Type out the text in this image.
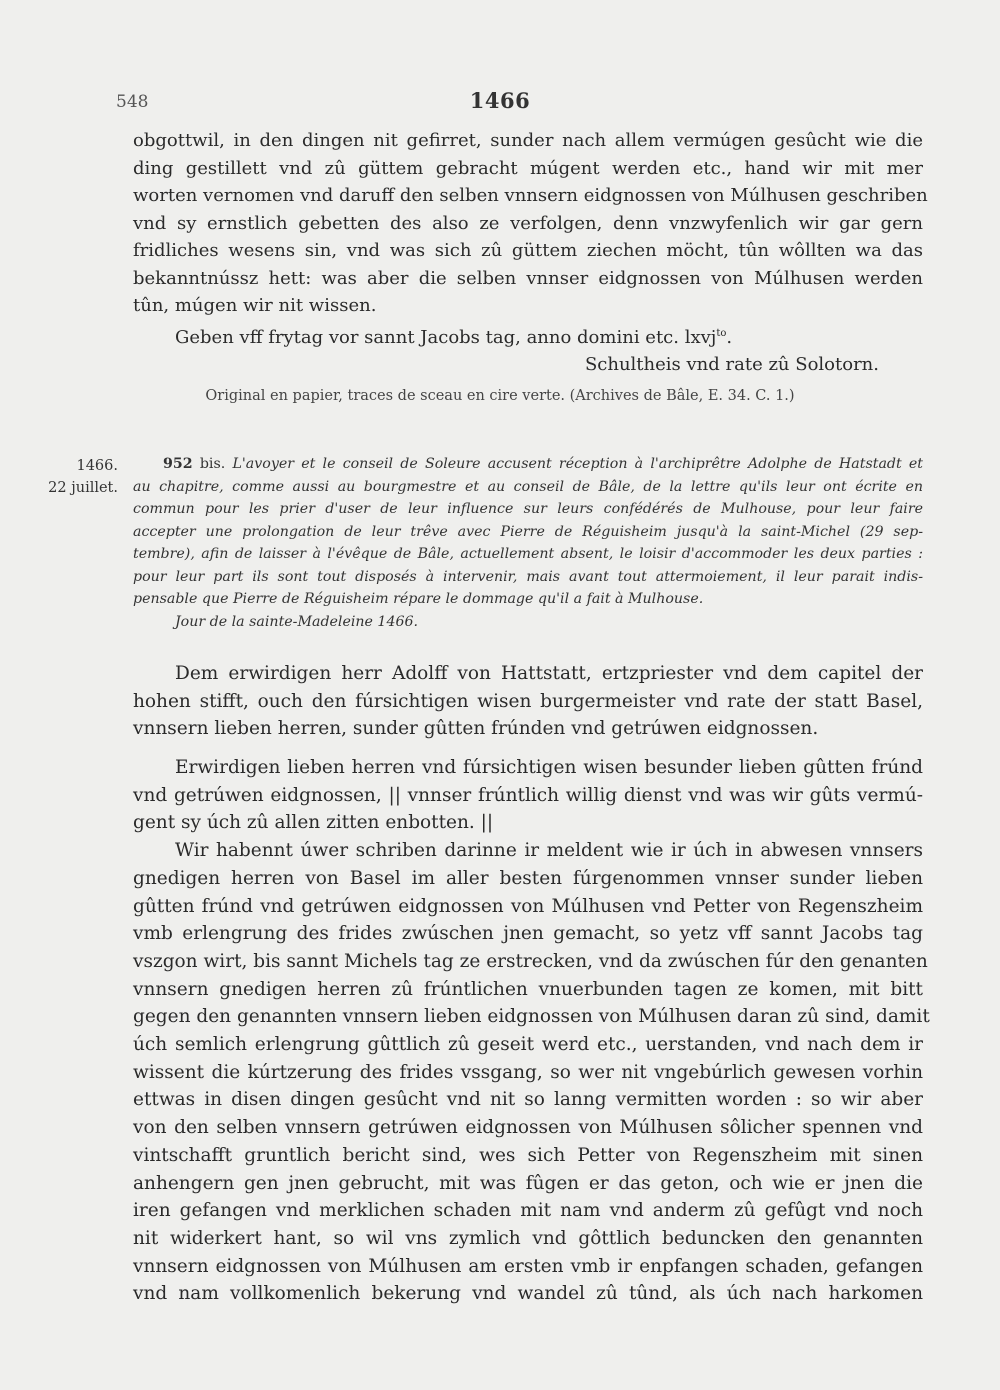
548	1466
obgottwil, in den dingen nit gefirret, sunder nach allem vermúgen gesûcht wie die
ding gestillett vnd zû güttem gebracht múgent werden etc., hand wir mit mer
worten vernomen vnd daruff den selben vnnsern eidgnossen von Múlhusen geschriben
vnd sy ernstlich gebetten des also ze verfolgen, denn vnzwyfenlich wir gar gern
fridliches wesens sin, vnd was sich zû güttem ziechen möcht, tûn wôllten wa das
bekanntnússz hett: was aber die selben vnnser eidgnossen von Múlhusen werden
tûn, múgen wir nit wissen.
Geben vff frytag vor sannt Jacobs tag, anno domini etc. lxvj$^{to}$.
Schultheis vnd rate zû Solotorn.
Original en papier, traces de sceau en cire verte. (Archives de Bâle, E. 34. C. 1.)
1466.
22 juillet.
952 bis. L'avoyer et le conseil de Soleure accusent réception à l'archiprêtre Adolphe de Hatstadt et
au chapitre, comme aussi au bourgmestre et au conseil de Bâle, de la lettre qu'ils leur ont écrite en
commun pour les prier d'user de leur influence sur leurs confédérés de Mulhouse, pour leur faire
accepter une prolongation de leur trêve avec Pierre de Réguisheim jusqu'à la saint-Michel (29 sep-
tembre), afin de laisser à l'évêque de Bâle, actuellement absent, le loisir d'accommoder les deux parties :
pour leur part ils sont tout disposés à intervenir, mais avant tout attermoiement, il leur parait indis-
pensable que Pierre de Réguisheim répare le dommage qu'il a fait à Mulhouse.
Jour de la sainte-Madeleine 1466.
Dem erwirdigen herr Adolff von Hattstatt, ertzpriester vnd dem capitel der
hohen stifft, ouch den fúrsichtigen wisen burgermeister vnd rate der statt Basel,
vnnsern lieben herren, sunder gûtten frúnden vnd getrúwen eidgnossen.
Erwirdigen lieben herren vnd fúrsichtigen wisen besunder lieben gûtten frúnd
vnd getrúwen eidgnossen, || vnnser frúntlich willig dienst vnd was wir gûts vermú-
gent sy úch zû allen zitten enbotten. ||
Wir habennt úwer schriben darinne ir meldent wie ir úch in abwesen vnnsers
gnedigen herren von Basel im aller besten fúrgenommen vnnser sunder lieben
gûtten frúnd vnd getrúwen eidgnossen von Múlhusen vnd Petter von Regenszheim
vmb erlengrung des frides zwúschen jnen gemacht, so yetz vff sannt Jacobs tag
vszgon wirt, bis sannt Michels tag ze erstrecken, vnd da zwúschen fúr den genanten
vnnsern gnedigen herren zû frúntlichen vnuerbunden tagen ze komen, mit bitt
gegen den genannten vnnsern lieben eidgnossen von Múlhusen daran zû sind, damit
úch semlich erlengrung gûttlich zû geseit werd etc., uerstanden, vnd nach dem ir
wissent die kúrtzerung des frides vssgang, so wer nit vngebúrlich gewesen vorhin
ettwas in disen dingen gesûcht vnd nit so lanng vermitten worden : so wir aber
von den selben vnnsern getrúwen eidgnossen von Múlhusen sôlicher spennen vnd
vintschafft gruntlich bericht sind, wes sich Petter von Regenszheim mit sinen
anhengern gen jnen gebrucht, mit was fûgen er das geton, och wie er jnen die
iren gefangen vnd merklichen schaden mit nam vnd anderm zû gefûgt vnd noch
nit widerkert hant, so wil vns zymlich vnd gôttlich beduncken den genannten
vnnsern eidgnossen von Múlhusen am ersten vmb ir enpfangen schaden, gefangen
vnd nam vollkomenlich bekerung vnd wandel zû tûnd, als úch nach harkomen
